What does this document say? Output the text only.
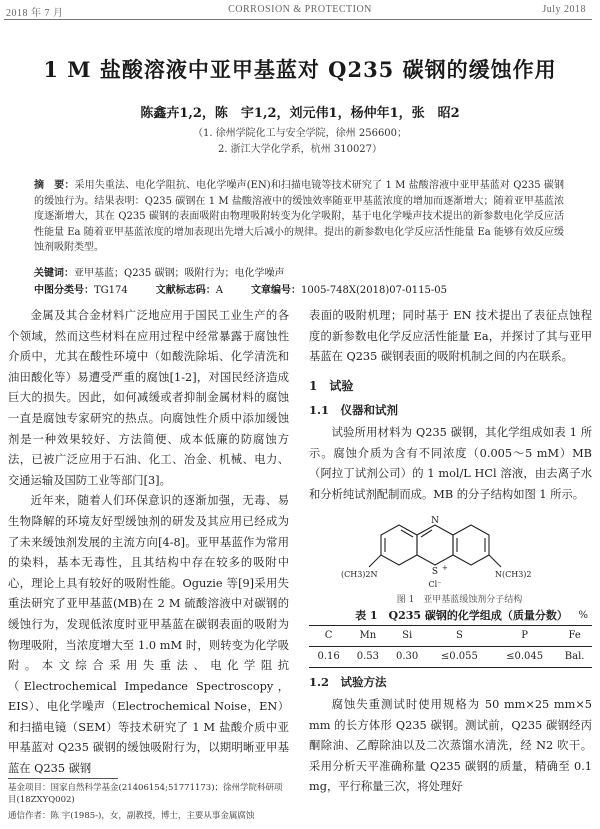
2018 年 7 月	CORROSION & PROTECTION	July 2018
1 M 盐酸溶液中亚甲基蓝对 Q235 碳钢的缓蚀作用
陈鑫卉1,2，陈　宇1,2，刘元伟1，杨仲年1，张　昭2
（1. 徐州学院化工与安全学院，徐州 256600；
2. 浙江大学化学系，杭州 310027）
摘　要：采用失重法、电化学阻抗、电化学噪声(EN)和扫描电镜等技术研究了 1 M 盐酸溶液中亚甲基蓝对 Q235 碳钢的缓蚀行为。结果表明：Q235 碳钢在 1 M 盐酸溶液中的缓蚀效率随亚甲基蓝浓度的增加而逐渐增大；随着亚甲基蓝浓度逐渐增大，其在 Q235 碳钢的表面吸附由物理吸附转变为化学吸附，基于电化学噪声技术提出的新参数电化学反应活性能量 Ea 随着亚甲基蓝浓度的增加表现出先增大后减小的规律。提出的新参数电化学反应活性能量 Ea 能够有效反应缓蚀剂吸附类型。
关键词：亚甲基蓝；Q235 碳钢；吸附行为；电化学噪声
中图分类号：TG174	文献标志码：A	文章编号：1005-748X(2018)07-0115-05

金属及其合金材料广泛地应用于国民工业生产的各个领域，然而这些材料在应用过程中经常暴露于腐蚀性介质中，尤其在酸性环境中（如酸洗除垢、化学清洗和油田酸化等）易遭受严重的腐蚀[1-2]，对国民经济造成巨大的损失。因此，如何减缓或者抑制金属材料的腐蚀一直是腐蚀专家研究的热点。向腐蚀性介质中添加缓蚀剂是一种效果较好、方法简便、成本低廉的防腐蚀方法，已被广泛应用于石油、化工、冶金、机械、电力、交通运输及国防工业等部门[3]。

近年来，随着人们环保意识的逐渐加强，无毒、易生物降解的环境友好型缓蚀剂的研发及其应用已经成为了未来缓蚀剂发展的主流方向[4-8]。亚甲基蓝作为常用的染料，基本无毒性，且其结构中存在较多的吸附中心，理论上具有较好的吸附性能。Oguzie 等[9]采用失重法研究了亚甲基蓝(MB)在 2 M 硫酸溶液中对碳钢的缓蚀行为，发现低浓度时亚甲基蓝在碳钢表面的吸附为物理吸附，当浓度增大至 1.0 mM 时，则转变为化学吸附。本文综合采用失重法、电化学阻抗（Electrochemical Impedance Spectroscopy，EIS）、电化学噪声（Electrochemical Noise，EN）和扫描电镜（SEM）等技术研究了 1 M 盐酸介质中亚甲基蓝对 Q235 碳钢的缓蚀吸附行为，以期明晰亚甲基蓝在 Q235 碳钢

基金项目：国家自然科学基金(21406154;51771173)；徐州学院科研项目(18ZXYQ002)
通信作者：陈 宇(1985-)，女，副教授，博士，主要从事金属腐蚀

表面的吸附机理；同时基于 EN 技术提出了表征点蚀程度的新参数电化学反应活性能量 Ea，并探讨了其与亚甲基蓝在 Q235 碳钢表面的吸附机制之间的内在联系。

1　试验
1.1　仪器和试剂

试验所用材料为 Q235 碳钢，其化学组成如表 1 所示。腐蚀介质为含有不同浓度（0.005～5 mM）MB（阿拉丁试剂公司）的 1 mol/L HCl 溶液，由去离子水和分析纯试剂配制而成。MB 的分子结构如图 1 所示。

N
S +
Cl⁻
(CH3)2N	N(CH3)2

图 1　亚甲基蓝缓蚀剂分子结构

表 1　Q235 碳钢的化学组成（质量分数）	%

C	Mn	Si	S	P	Fe
0.16	0.53	0.30	≤0.055	≤0.045	Bal.
1.2　试验方法

腐蚀失重测试时使用规格为 50 mm×25 mm×5 mm 的长方体形 Q235 碳钢。测试前，Q235 碳钢经丙酮除油、乙醇除油以及二次蒸馏水清洗，经 N2 吹干。采用分析天平准确称量 Q235 碳钢的质量，精确至 0.1 mg，平行称量三次，将处理好
